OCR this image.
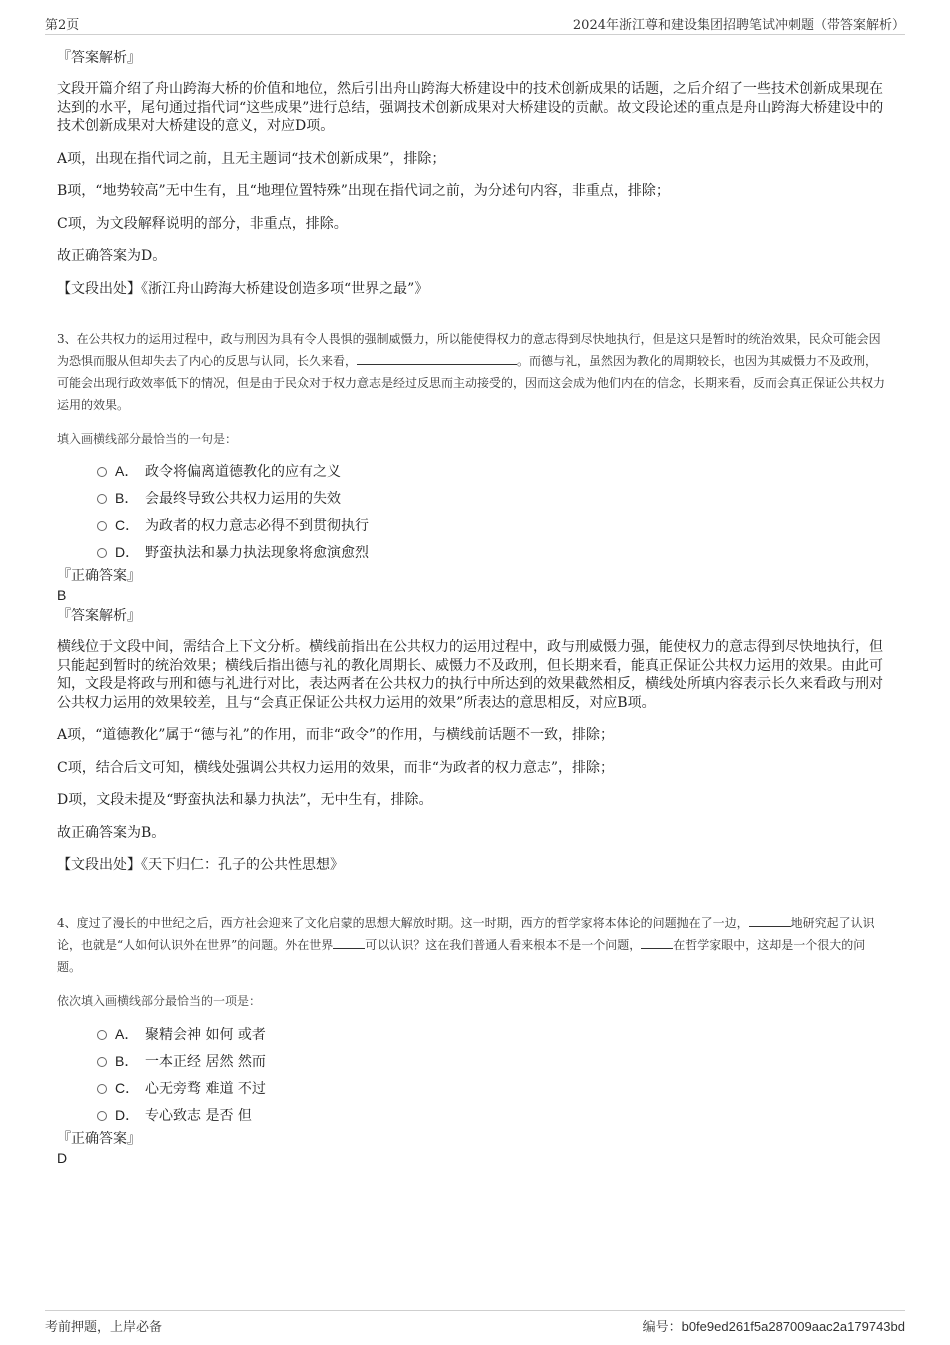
第2页	2024年浙江尊和建设集团招聘笔试冲刺题（带答案解析）

『答案解析』

文段开篇介绍了舟山跨海大桥的价值和地位，然后引出舟山跨海大桥建设中的技术创新成果的话题，之后介绍了一些技术创新成果现在达到的水平，尾句通过指代词“这些成果”进行总结，强调技术创新成果对大桥建设的贡献。故文段论述的重点是舟山跨海大桥建设中的技术创新成果对大桥建设的意义，对应D项。

A项，出现在指代词之前，且无主题词“技术创新成果”，排除；

B项，“地势较高”无中生有，且“地理位置特殊”出现在指代词之前，为分述句内容，非重点，排除；

C项，为文段解释说明的部分，非重点，排除。

故正确答案为D。

【文段出处】《浙江舟山跨海大桥建设创造多项“世界之最”》

3、在公共权力的运用过程中，政与刑因为具有令人畏惧的强制威慑力，所以能使得权力的意志得到尽快地执行，但是这只是暂时的统治效果，民众可能会因为恐惧而服从但却失去了内心的反思与认同，长久来看，	。而德与礼，虽然因为教化的周期较长，也因为其威慑力不及政刑，可能会出现行政效率低下的情况，但是由于民众对于权力意志是经过反思而主动接受的，因而这会成为他们内在的信念，长期来看，反而会真正保证公共权力运用的效果。

填入画横线部分最恰当的一句是：

A． 政令将偏离道德教化的应有之义
B． 会最终导致公共权力运用的失效
C． 为政者的权力意志必得不到贯彻执行
D． 野蛮执法和暴力执法现象将愈演愈烈

『正确答案』

B

『答案解析』

横线位于文段中间，需结合上下文分析。横线前指出在公共权力的运用过程中，政与刑威慑力强，能使权力的意志得到尽快地执行，但只能起到暂时的统治效果；横线后指出德与礼的教化周期长、威慑力不及政刑，但长期来看，能真正保证公共权力运用的效果。由此可知，文段是将政与刑和德与礼进行对比，表达两者在公共权力的执行中所达到的效果截然相反，横线处所填内容表示长久来看政与刑对公共权力运用的效果较差，且与“会真正保证公共权力运用的效果”所表达的意思相反，对应B项。

A项，“道德教化”属于“德与礼”的作用，而非“政令”的作用，与横线前话题不一致，排除；

C项，结合后文可知，横线处强调公共权力运用的效果，而非“为政者的权力意志”，排除；

D项，文段未提及“野蛮执法和暴力执法”，无中生有，排除。

故正确答案为B。

【文段出处】《天下归仁：孔子的公共性思想》

4、度过了漫长的中世纪之后，西方社会迎来了文化启蒙的思想大解放时期。这一时期，西方的哲学家将本体论的问题抛在了一边，	地研究起了认识论，也就是“人如何认识外在世界”的问题。外在世界	可以认识？这在我们普通人看来根本不是一个问题，	在哲学家眼中，这却是一个很大的问题。

依次填入画横线部分最恰当的一项是：

A． 聚精会神 如何 或者
B． 一本正经 居然 然而
C． 心无旁骛 难道 不过
D． 专心致志 是否 但

『正确答案』

D
考前押题，上岸必备	编号：b0fe9ed261f5a287009aac2a179743bd
